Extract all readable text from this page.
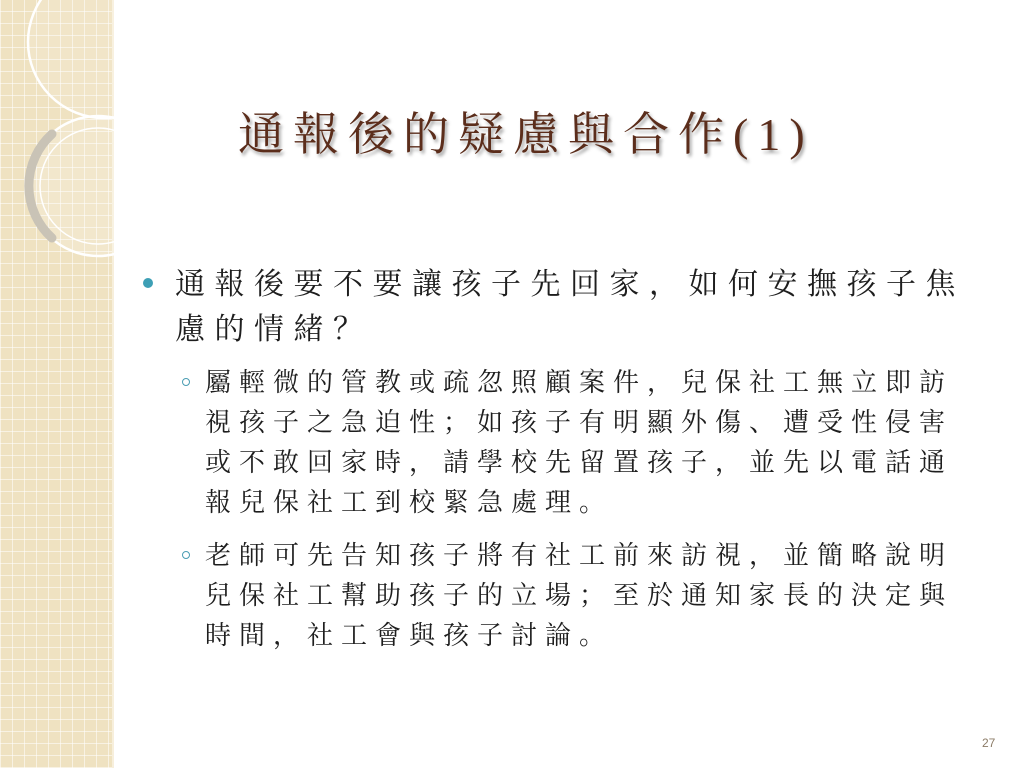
通報後的疑慮與合作(1)
通報後要不要讓孩子先回家，如何安撫孩子焦慮的情緒？
屬輕微的管教或疏忽照顧案件，兒保社工無立即訪視孩子之急迫性；如孩子有明顯外傷、遭受性侵害或不敢回家時，請學校先留置孩子，並先以電話通報兒保社工到校緊急處理。
老師可先告知孩子將有社工前來訪視，並簡略說明兒保社工幫助孩子的立場；至於通知家長的決定與時間，社工會與孩子討論。
27
